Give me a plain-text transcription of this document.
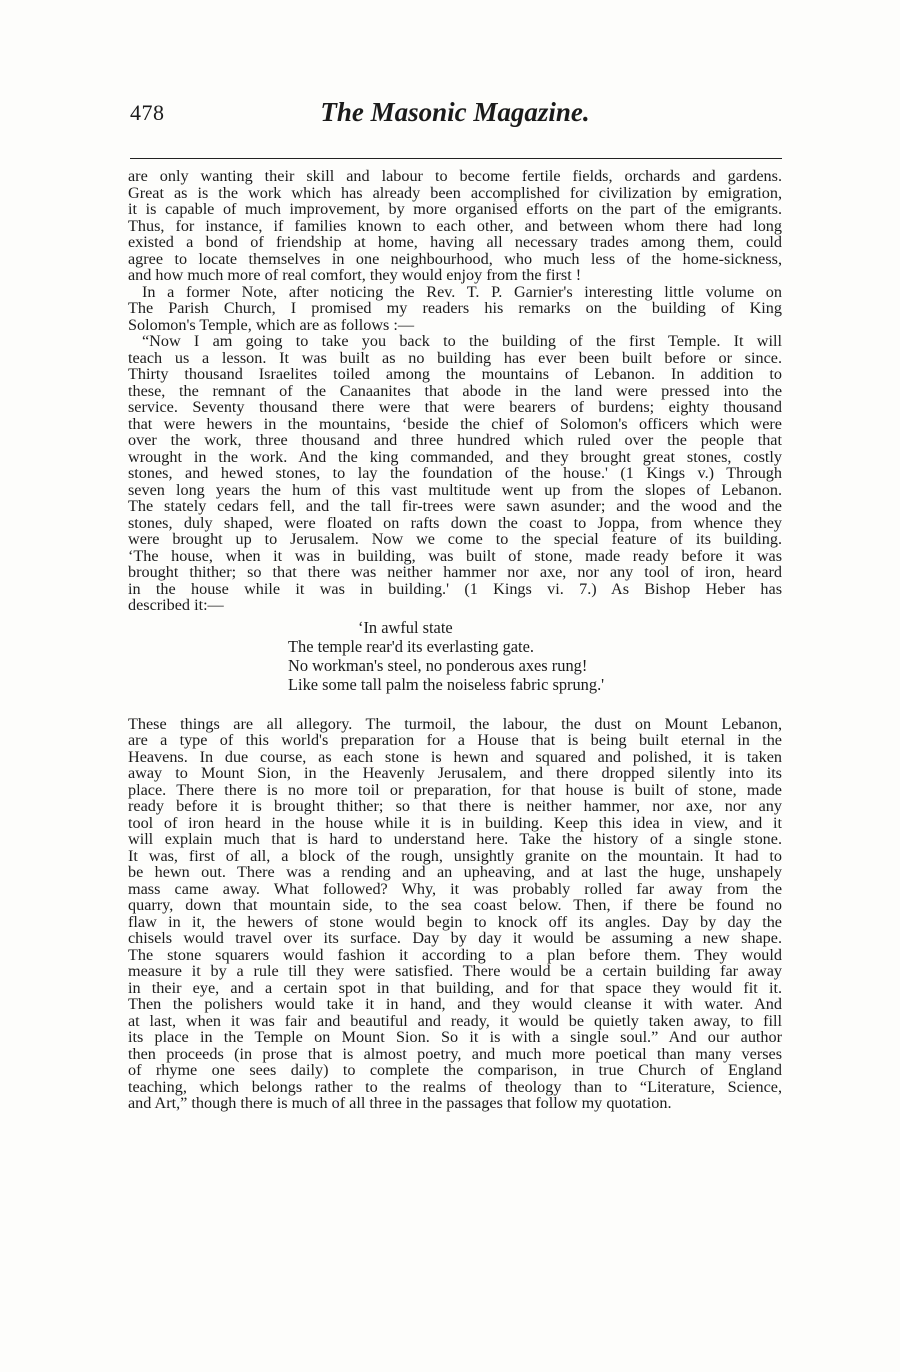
478	The Masonic Magazine.
are only wanting their skill and labour to become fertile fields, orchards and gardens.
Great as is the work which has already been accomplished for civilization by emigration,
it is capable of much improvement, by more organised efforts on the part of the emigrants.
Thus, for instance, if families known to each other, and between whom there had long
existed a bond of friendship at home, having all necessary trades among them, could
agree to locate themselves in one neighbourhood, who much less of the home-sickness,
and how much more of real comfort, they would enjoy from the first !
In a former Note, after noticing the Rev. T. P. Garnier's interesting little volume on
The Parish Church, I promised my readers his remarks on the building of King
Solomon's Temple, which are as follows :—
“Now I am going to take you back to the building of the first Temple. It will
teach us a lesson. It was built as no building has ever been built before or since.
Thirty thousand Israelites toiled among the mountains of Lebanon. In addition to
these, the remnant of the Canaanites that abode in the land were pressed into the
service. Seventy thousand there were that were bearers of burdens; eighty thousand
that were hewers in the mountains, ‘beside the chief of Solomon's officers which were
over the work, three thousand and three hundred which ruled over the people that
wrought in the work. And the king commanded, and they brought great stones, costly
stones, and hewed stones, to lay the foundation of the house.' (1 Kings v.) Through
seven long years the hum of this vast multitude went up from the slopes of Lebanon.
The stately cedars fell, and the tall fir-trees were sawn asunder; and the wood and the
stones, duly shaped, were floated on rafts down the coast to Joppa, from whence they
were brought up to Jerusalem. Now we come to the special feature of its building.
‘The house, when it was in building, was built of stone, made ready before it was
brought thither; so that there was neither hammer nor axe, nor any tool of iron, heard
in the house while it was in building.' (1 Kings vi. 7.) As Bishop Heber has
described it:—
‘In awful state
The temple rear'd its everlasting gate.
No workman's steel, no ponderous axes rung!
Like some tall palm the noiseless fabric sprung.'
These things are all allegory. The turmoil, the labour, the dust on Mount Lebanon,
are a type of this world's preparation for a House that is being built eternal in the
Heavens. In due course, as each stone is hewn and squared and polished, it is taken
away to Mount Sion, in the Heavenly Jerusalem, and there dropped silently into its
place. There there is no more toil or preparation, for that house is built of stone, made
ready before it is brought thither; so that there is neither hammer, nor axe, nor any
tool of iron heard in the house while it is in building. Keep this idea in view, and it
will explain much that is hard to understand here. Take the history of a single stone.
It was, first of all, a block of the rough, unsightly granite on the mountain. It had to
be hewn out. There was a rending and an upheaving, and at last the huge, unshapely
mass came away. What followed? Why, it was probably rolled far away from the
quarry, down that mountain side, to the sea coast below. Then, if there be found no
flaw in it, the hewers of stone would begin to knock off its angles. Day by day the
chisels would travel over its surface. Day by day it would be assuming a new shape.
The stone squarers would fashion it according to a plan before them. They would
measure it by a rule till they were satisfied. There would be a certain building far away
in their eye, and a certain spot in that building, and for that space they would fit it.
Then the polishers would take it in hand, and they would cleanse it with water. And
at last, when it was fair and beautiful and ready, it would be quietly taken away, to fill
its place in the Temple on Mount Sion. So it is with a single soul.” And our author
then proceeds (in prose that is almost poetry, and much more poetical than many verses
of rhyme one sees daily) to complete the comparison, in true Church of England
teaching, which belongs rather to the realms of theology than to “Literature, Science,
and Art,” though there is much of all three in the passages that follow my quotation.
